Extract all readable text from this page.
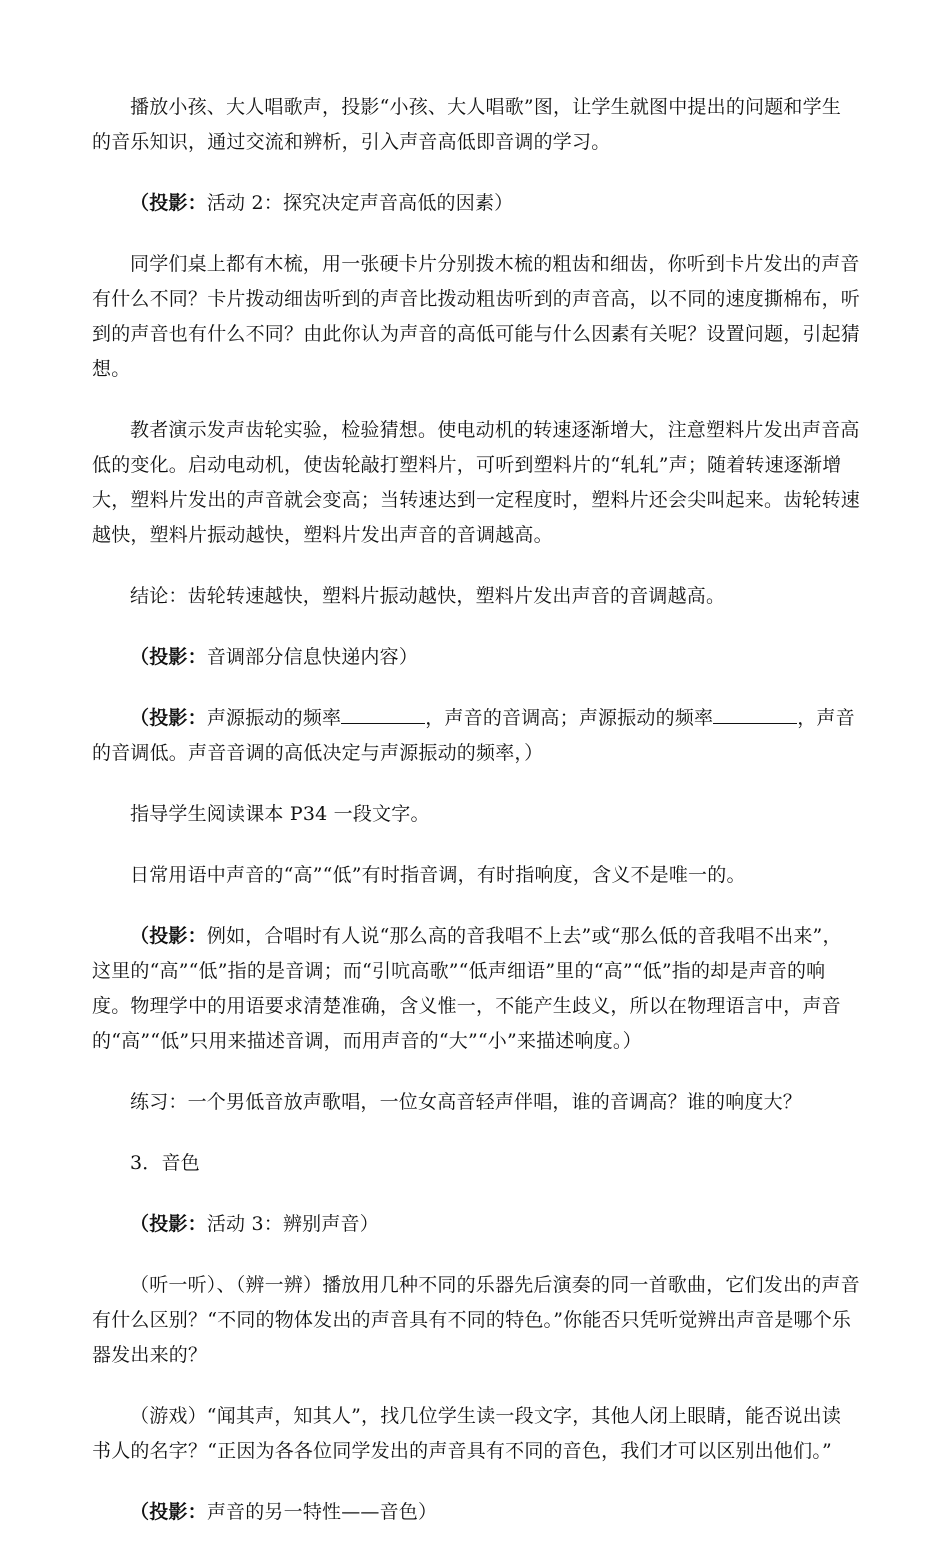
播放小孩、大人唱歌声，投影“小孩、大人唱歌”图，让学生就图中提出的问题和学生的音乐知识，通过交流和辨析，引入声音高低即音调的学习。

（投影：活动 2：探究决定声音高低的因素）

同学们桌上都有木梳，用一张硬卡片分别拨木梳的粗齿和细齿，你听到卡片发出的声音有什么不同？卡片拨动细齿听到的声音比拨动粗齿听到的声音高，以不同的速度撕棉布，听到的声音也有什么不同？由此你认为声音的高低可能与什么因素有关呢？设置问题，引起猜想。

教者演示发声齿轮实验，检验猜想。使电动机的转速逐渐增大，注意塑料片发出声音高低的变化。启动电动机，使齿轮敲打塑料片，可听到塑料片的“轧轧”声；随着转速逐渐增大，塑料片发出的声音就会变高；当转速达到一定程度时，塑料片还会尖叫起来。齿轮转速越快，塑料片振动越快，塑料片发出声音的音调越高。

结论：齿轮转速越快，塑料片振动越快，塑料片发出声音的音调越高。

（投影：音调部分信息快递内容）

（投影：声源振动的频率	，声音的音调高；声源振动的频率	，声音的音调低。声音音调的高低决定与声源振动的频率，）

指导学生阅读课本 P34 一段文字。

日常用语中声音的“高”“低”有时指音调，有时指响度，含义不是唯一的。

（投影：例如，合唱时有人说“那么高的音我唱不上去”或“那么低的音我唱不出来”，这里的“高”“低”指的是音调；而“引吭高歌”“低声细语”里的“高”“低”指的却是声音的响度。物理学中的用语要求清楚准确，含义惟一，不能产生歧义，所以在物理语言中，声音的“高”“低”只用来描述音调，而用声音的“大”“小”来描述响度。）

练习：一个男低音放声歌唱，一位女高音轻声伴唱，谁的音调高？谁的响度大？

3．音色

（投影：活动 3：辨别声音）

（听一听）、（辨一辨）播放用几种不同的乐器先后演奏的同一首歌曲，它们发出的声音有什么区别？“不同的物体发出的声音具有不同的特色。”你能否只凭听觉辨出声音是哪个乐器发出来的？

（游戏）“闻其声，知其人”，找几位学生读一段文字，其他人闭上眼睛，能否说出读书人的名字？“正因为各各位同学发出的声音具有不同的音色，我们才可以区别出他们。”

（投影：声音的另一特性——音色）
